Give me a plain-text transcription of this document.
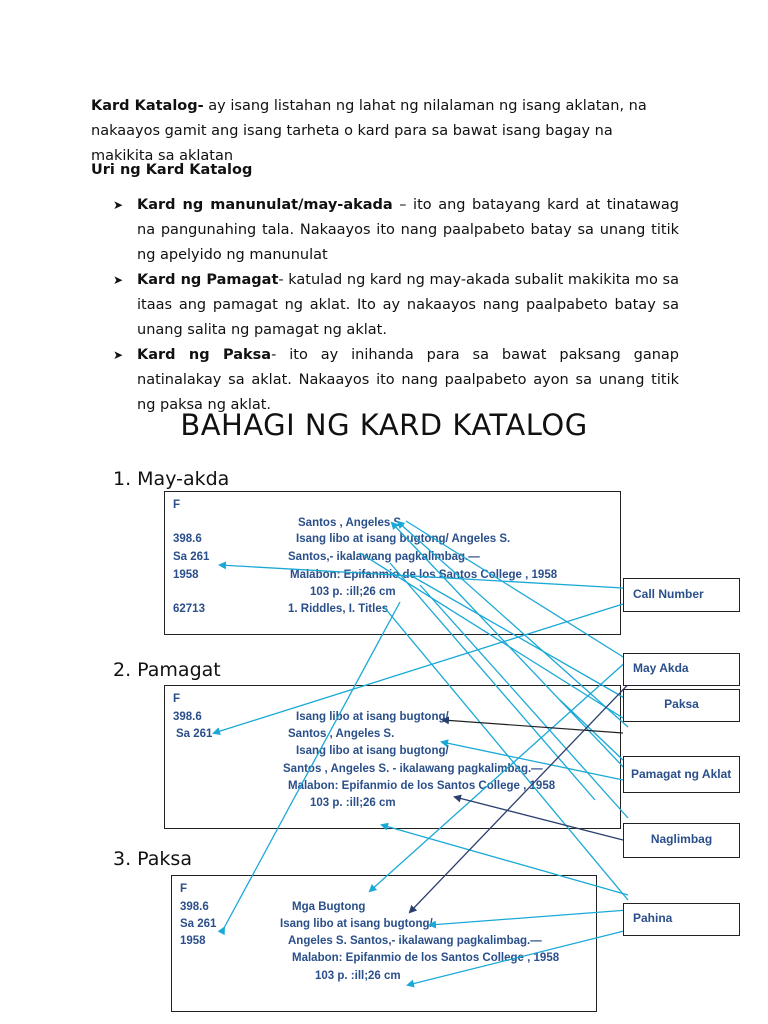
Kard Katalog- ay isang listahan ng lahat ng nilalaman ng isang aklatan, na nakaayos gamit ang isang tarheta o kard para sa bawat isang bagay na makikita sa aklatan
Uri ng Kard Katalog
➤ Kard ng manunulat/may-akada – ito ang batayang kard at tinatawag na pangunahing tala. Nakaayos ito nang paalpabeto batay sa unang titik ng apelyido ng manunulat
➤ Kard ng Pamagat- katulad ng kard ng may-akada subalit makikita mo sa itaas ang pamagat ng aklat. Ito ay nakaayos nang paalpabeto batay sa unang salita ng pamagat ng aklat.
➤ Kard ng Paksa- ito ay inihanda para sa bawat paksang ganap natinalakay sa aklat. Nakaayos ito nang paalpabeto ayon sa unang titik ng paksa ng aklat.
BAHAGI NG KARD KATALOG
1. May-akda
2. Pamagat
3. Paksa
F
Santos , Angeles S.
398.6	Isang libo at isang bugtong/ Angeles S.
Sa 261	Santos,- ikalawang pagkalimbag.—
1958	Malabon: Epifanmio de los Santos College , 1958
103 p. :ill;26 cm
62713	1. Riddles, I. Titles
F
398.6	Isang libo at isang bugtong/
Sa 261	Santos , Angeles S.
Isang libo at isang bugtong/
Santos , Angeles S. - ikalawang pagkalimbag.—
Malabon: Epifanmio de los Santos College , 1958
103 p. :ill;26 cm
F
398.6	Mga Bugtong
Sa 261	Isang libo at isang bugtong/
1958	Angeles S. Santos,- ikalawang pagkalimbag.—
Malabon: Epifanmio de los Santos College , 1958
103 p. :ill;26 cm
Call Number
May Akda
Paksa
Pamagat ng Aklat
Naglimbag
Pahina
